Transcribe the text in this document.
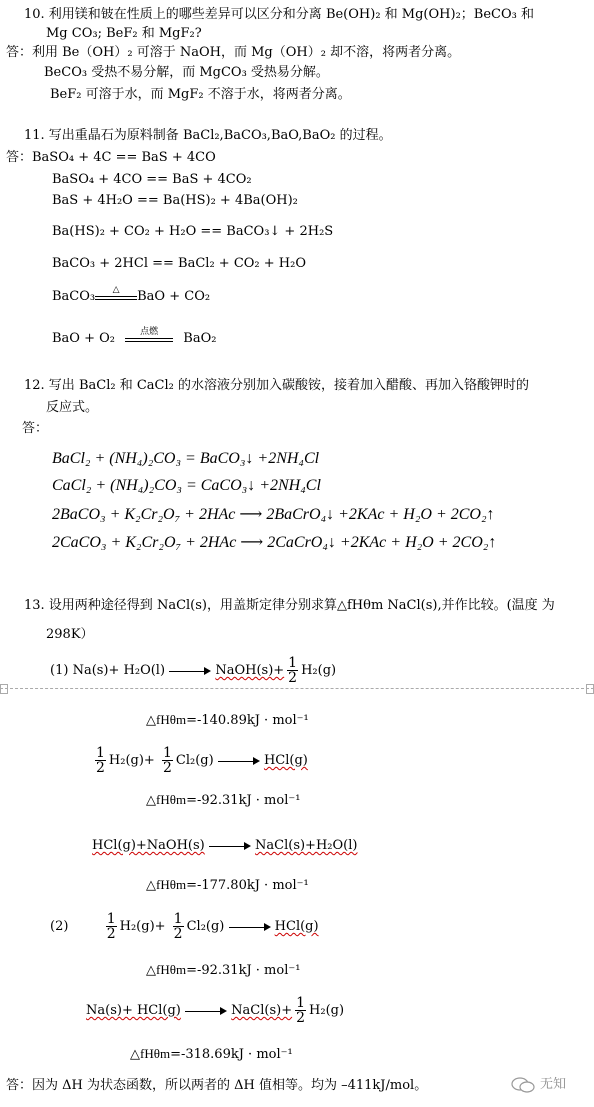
10. 利用镁和铍在性质上的哪些差异可以区分和分离 Be(OH)₂ 和 Mg(OH)₂；BeCO₃ 和
Mg CO₃; BeF₂ 和 MgF₂?
答：利用 Be（OH）₂ 可溶于 NaOH，而 Mg（OH）₂ 却不溶，将两者分离。
BeCO₃ 受热不易分解，而 MgCO₃ 受热易分解。
BeF₂ 可溶于水，而 MgF₂ 不溶于水，将两者分离。
11. 写出重晶石为原料制备 BaCl₂,BaCO₃,BaO,BaO₂ 的过程。
答：BaSO₄ + 4C == BaS + 4CO
BaSO₄ + 4CO == BaS + 4CO₂
BaS + 4H₂O == Ba(HS)₂ + 4Ba(OH)₂
Ba(HS)₂ + CO₂ + H₂O == BaCO₃↓ + 2H₂S
BaCO₃ + 2HCl == BaCl₂ + CO₂ + H₂O
BaCO₃	△	BaO + CO₂
BaO + O₂	点燃	BaO₂
12. 写出 BaCl₂ 和 CaCl₂ 的水溶液分别加入碳酸铵，接着加入醋酸、再加入铬酸钾时的
反应式。
答：
BaCl₂ + (NH₄)₂CO₃ = BaCO₃↓ +2NH₄Cl
CaCl₂ + (NH₄)₂CO₃ = CaCO₃↓ +2NH₄Cl
2BaCO₃ + K₂Cr₂O₇ + 2HAc ⟶ 2BaCrO₄↓ +2KAc + H₂O + 2CO₂↑
2CaCO₃ + K₂Cr₂O₇ + 2HAc ⟶ 2CaCrO₄↓ +2KAc + H₂O + 2CO₂↑
13. 设用两种途径得到 NaCl(s)，用盖斯定律分别求算△fHθm NaCl(s),并作比较。(温度 为
298K）
(1) Na(s)+ H₂O(l)	NaOH(s)+ $\frac{1}{2} H_2(g)$
△fHθm=-140.89kJ · mol⁻¹
$\frac{1}{2} H_2(g)+ \frac{1}{2} Cl_2(g)$	HCl(g)
△fHθm=-92.31kJ · mol⁻¹
HCl(g)+NaOH(s)	NaCl(s)+H₂O(l)
△fHθm=-177.80kJ · mol⁻¹
(2)	$\frac{1}{2} H_2(g)+ \frac{1}{2} Cl_2(g)$	HCl(g)
△fHθm=-92.31kJ · mol⁻¹
Na(s)+ HCl(g)	NaCl(s)+ $\frac{1}{2} H_2(g)$
△fHθm=-318.69kJ · mol⁻¹
答：因为 ΔH 为状态函数，所以两者的 ΔH 值相等。均为 –411kJ/mol。	无知
